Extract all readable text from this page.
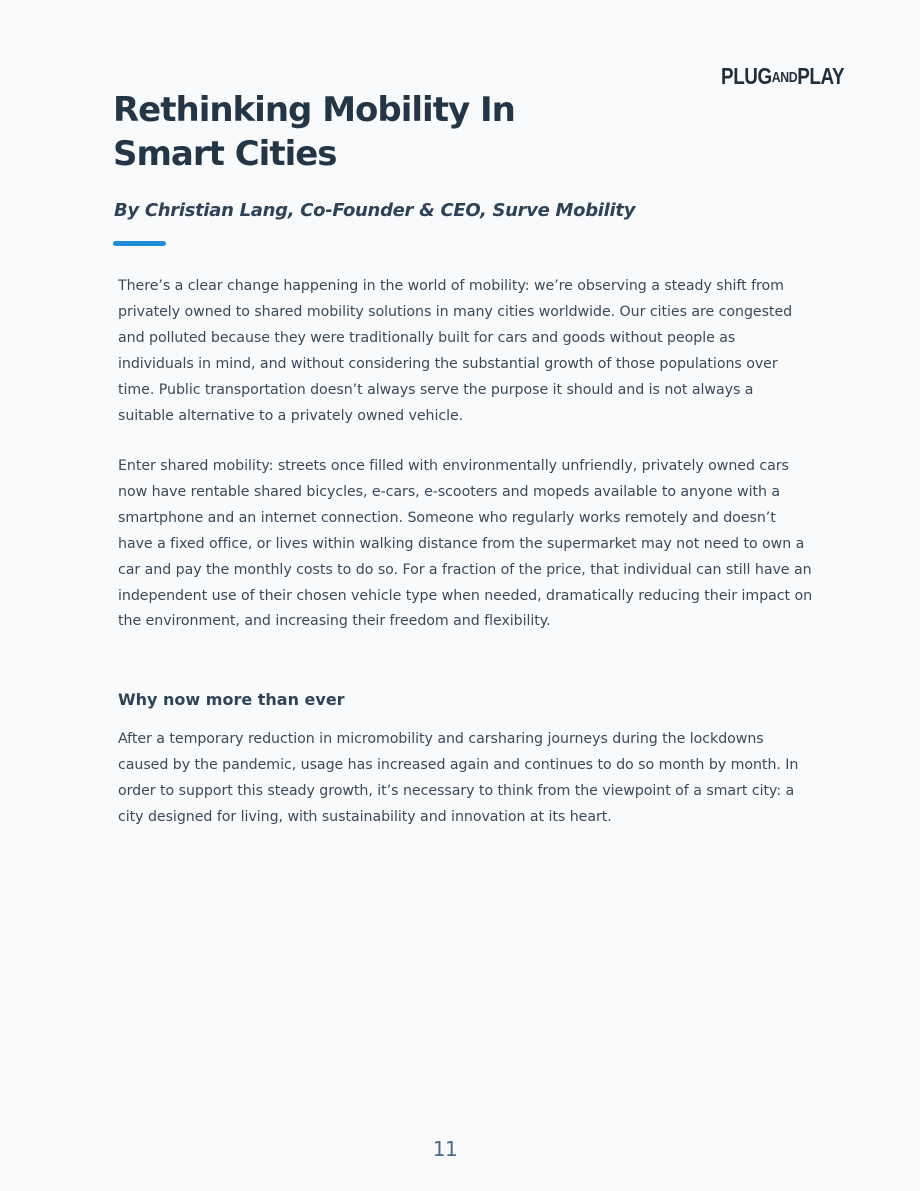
PLUGANDPLAY
Rethinking Mobility In Smart Cities

By Christian Lang, Co-Founder & CEO, Surve Mobility

There’s a clear change happening in the world of mobility: we’re observing a steady shift from privately owned to shared mobility solutions in many cities worldwide. Our cities are congested and polluted because they were traditionally built for cars and goods without people as individuals in mind, and without considering the substantial growth of those populations over time. Public transportation doesn’t always serve the purpose it should and is not always a suitable alternative to a privately owned vehicle.

Enter shared mobility: streets once filled with environmentally unfriendly, privately owned cars now have rentable shared bicycles, e-cars, e-scooters and mopeds available to anyone with a smartphone and an internet connection. Someone who regularly works remotely and doesn’t have a fixed office, or lives within walking distance from the supermarket may not need to own a car and pay the monthly costs to do so. For a fraction of the price, that individual can still have an independent use of their chosen vehicle type when needed, dramatically reducing their impact on the environment, and increasing their freedom and flexibility.

Why now more than ever

After a temporary reduction in micromobility and carsharing journeys during the lockdowns caused by the pandemic, usage has increased again and continues to do so month by month. In order to support this steady growth, it’s necessary to think from the viewpoint of a smart city: a city designed for living, with sustainability and innovation at its heart.

11
